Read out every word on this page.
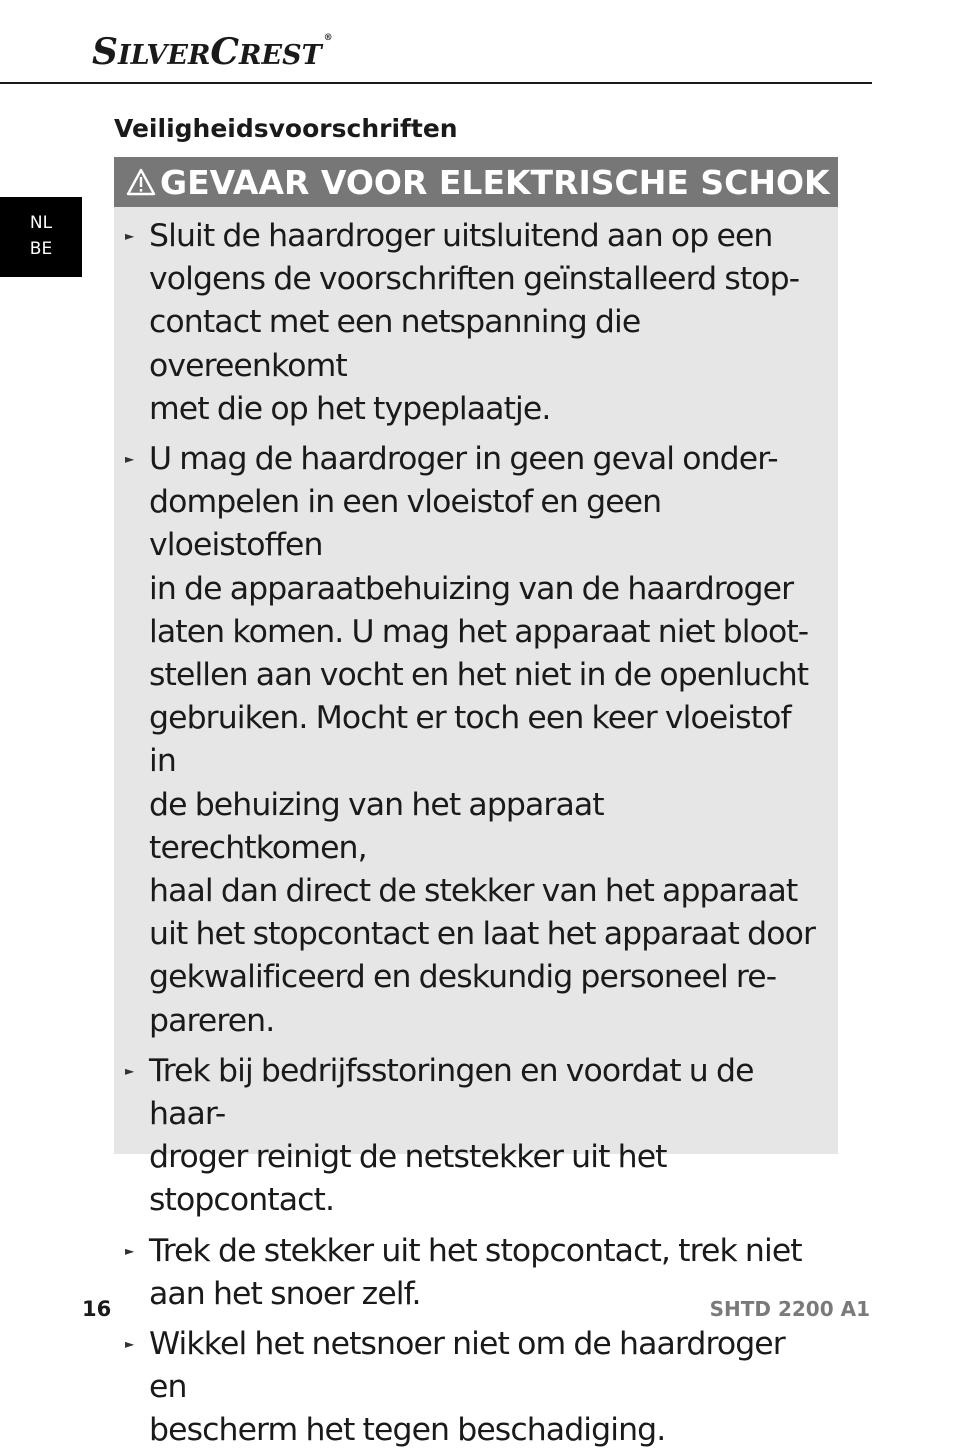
SILVERCREST®
NL
BE
Veiligheidsvoorschriften
GEVAAR VOOR ELEKTRISCHE SCHOK
► Sluit de haardroger uitsluitend aan op een
volgens de voorschriften geïnstalleerd stop-
contact met een netspanning die overeenkomt
met die op het typeplaatje.
► U mag de haardroger in geen geval onder-
dompelen in een vloeistof en geen vloeistoffen
in de apparaatbehuizing van de haardroger
laten komen. U mag het apparaat niet bloot-
stellen aan vocht en het niet in de openlucht
gebruiken. Mocht er toch een keer vloeistof in
de behuizing van het apparaat terechtkomen,
haal dan direct de stekker van het apparaat
uit het stopcontact en laat het apparaat door
gekwalificeerd en deskundig personeel re-
pareren.
► Trek bij bedrijfsstoringen en voordat u de haar-
droger reinigt de netstekker uit het stopcontact.
► Trek de stekker uit het stopcontact, trek niet
aan het snoer zelf.
► Wikkel het netsnoer niet om de haardroger en
bescherm het tegen beschadiging.
16	SHTD 2200 A1
